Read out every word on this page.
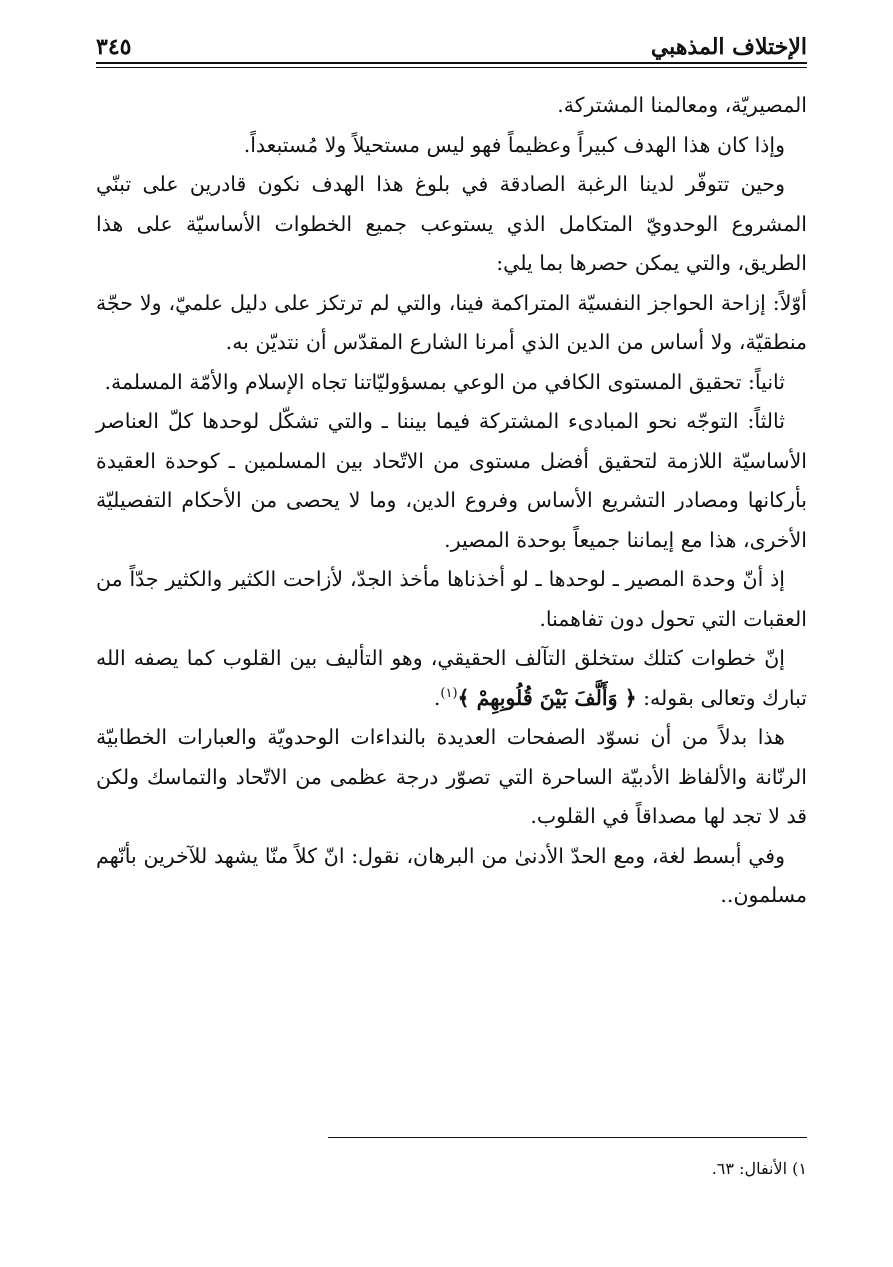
الإختلاف المذهبي
٣٤٥

المصيريّة، ومعالمنا المشتركة.

وإذا كان هذا الهدف كبيراً وعظيماً فهو ليس مستحيلاً ولا مُستبعداً.

وحين تتوفّر لدينا الرغبة الصادقة في بلوغ هذا الهدف نكون قادرين على تبنّي المشروع الوحدويّ المتكامل الذي يستوعب جميع الخطوات الأساسيّة على هذا الطريق، والتي يمكن حصرها بما يلي:

أوّلاً: إزاحة الحواجز النفسيّة المتراكمة فينا، والتي لم ترتكز على دليل علميّ، ولا حجّة منطقيّة، ولا أساس من الدين الذي أمرنا الشارع المقدّس أن نتديّن به.

ثانياً: تحقيق المستوى الكافي من الوعي بمسؤوليّاتنا تجاه الإسلام والأمّة المسلمة.

ثالثاً: التوجّه نحو المبادىء المشتركة فيما بيننا ـ والتي تشكّل لوحدها كلّ العناصر الأساسيّة اللازمة لتحقيق أفضل مستوى من الاتّحاد بين المسلمين ـ كوحدة العقيدة بأركانها ومصادر التشريع الأساس وفروع الدين، وما لا يحصى من الأحكام التفصيليّة الأخرى، هذا مع إيماننا جميعاً بوحدة المصير.

إذ أنّ وحدة المصير ـ لوحدها ـ لو أخذناها مأخذ الجدّ، لأزاحت الكثير والكثير جدّاً من العقبات التي تحول دون تفاهمنا.

إنّ خطوات كتلك ستخلق التآلف الحقيقي، وهو التأليف بين القلوب كما يصفه الله تبارك وتعالى بقوله: ﴿ وَأَلَّفَ بَيْنَ قُلُوبِهِمْ ﴾$^{(١)}$.

هذا بدلاً من أن نسوّد الصفحات العديدة بالنداءات الوحدويّة والعبارات الخطابيّة الرنّانة والألفاظ الأدبيّة الساحرة التي تصوّر درجة عظمى من الاتّحاد والتماسك ولكن قد لا تجد لها مصداقاً في القلوب.

وفي أبسط لغة، ومع الحدّ الأدنىٰ من البرهان، نقول: انّ كلاً منّا يشهد للآخرين بأنّهم مسلمون..

١) الأنفال: ٦٣.
